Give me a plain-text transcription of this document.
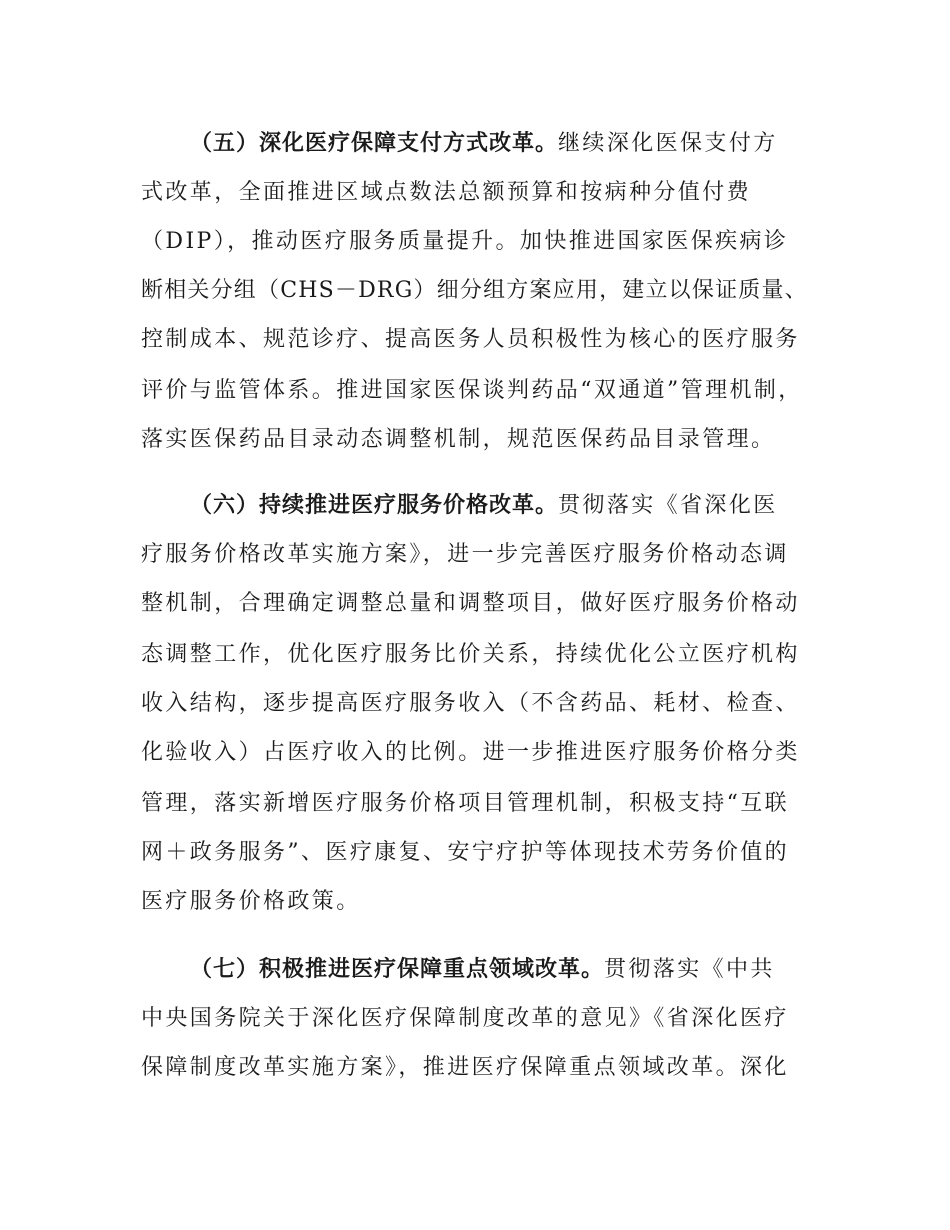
（五）深化医疗保障支付方式改革。继续深化医保支付方
式改革，全面推进区域点数法总额预算和按病种分值付费
（DIP），推动医疗服务质量提升。加快推进国家医保疾病诊
断相关分组（CHS－DRG）细分组方案应用，建立以保证质量、
控制成本、规范诊疗、提高医务人员积极性为核心的医疗服务
评价与监管体系。推进国家医保谈判药品“双通道”管理机制，
落实医保药品目录动态调整机制，规范医保药品目录管理。
（六）持续推进医疗服务价格改革。贯彻落实《省深化医
疗服务价格改革实施方案》，进一步完善医疗服务价格动态调
整机制，合理确定调整总量和调整项目，做好医疗服务价格动
态调整工作，优化医疗服务比价关系，持续优化公立医疗机构
收入结构，逐步提高医疗服务收入（不含药品、耗材、检查、
化验收入）占医疗收入的比例。进一步推进医疗服务价格分类
管理，落实新增医疗服务价格项目管理机制，积极支持“互联
网＋政务服务”、医疗康复、安宁疗护等体现技术劳务价值的
医疗服务价格政策。
（七）积极推进医疗保障重点领域改革。贯彻落实《中共
中央国务院关于深化医疗保障制度改革的意见》《省深化医疗
保障制度改革实施方案》，推进医疗保障重点领域改革。深化
